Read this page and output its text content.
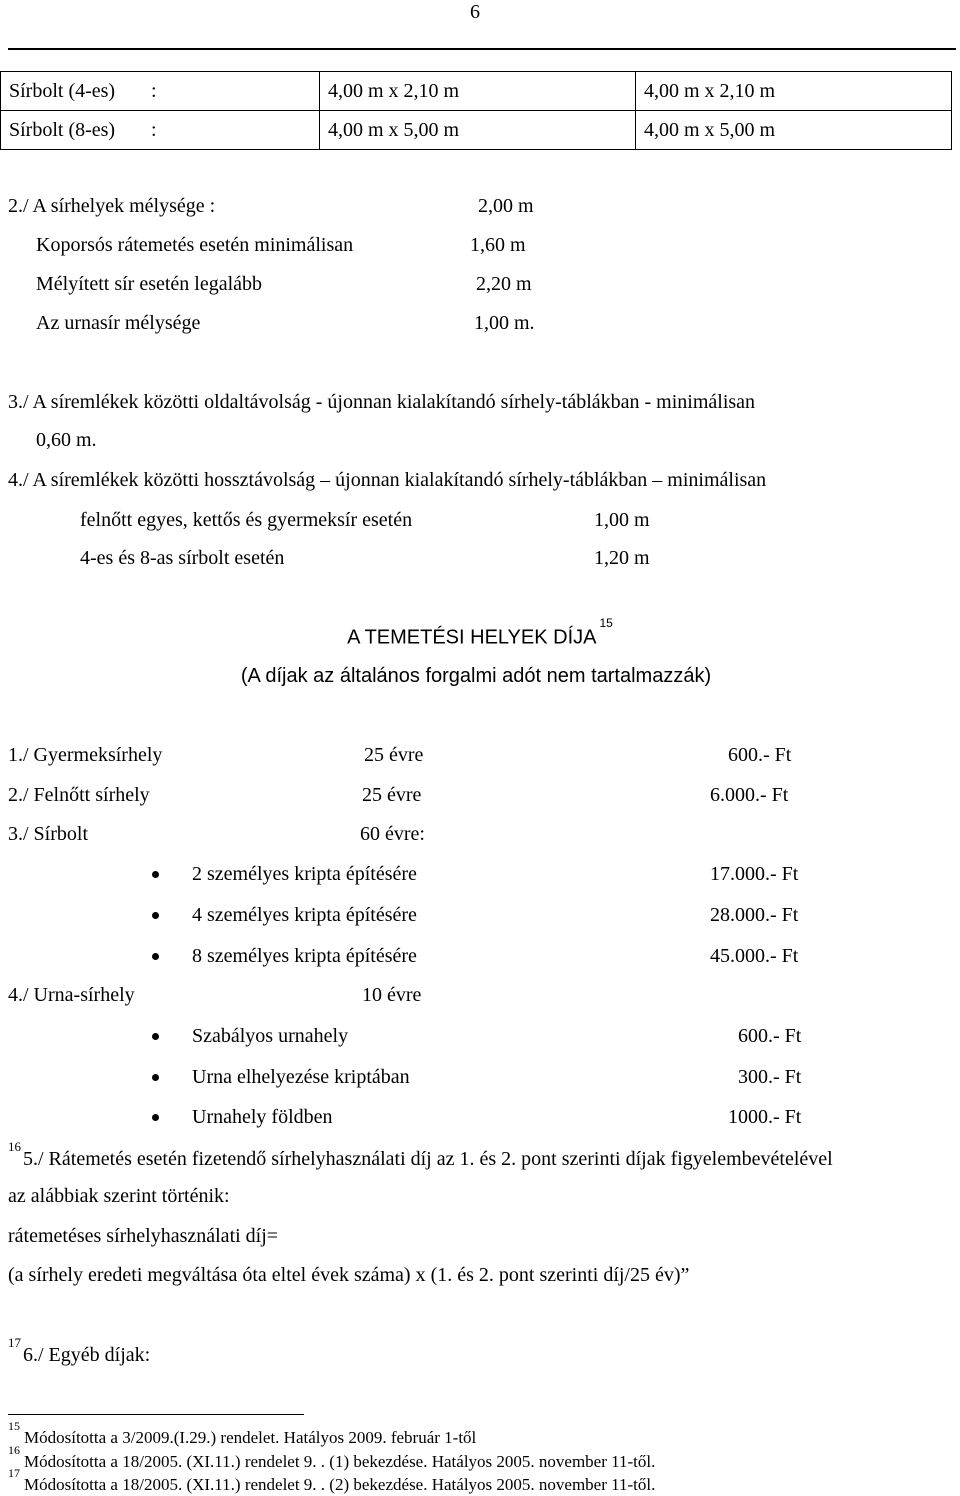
6
Sírbolt (4-es) :	4,00 m x 2,10 m	4,00 m x 2,10 m
Sírbolt (8-es) :	4,00 m x 5,00 m	4,00 m x 5,00 m
2./ A sírhelyek mélysége :	2,00 m
Koporsós rátemetés esetén minimálisan	1,60 m
Mélyített sír esetén legalább	2,20 m
Az urnasír mélysége	1,00 m.
3./ A síremlékek közötti oldaltávolság - újonnan kialakítandó sírhely-táblákban - minimálisan
0,60 m.
4./ A síremlékek közötti hossztávolság – újonnan kialakítandó sírhely-táblákban – minimálisan
felnőtt egyes, kettős és gyermeksír esetén	1,00 m
4-es és 8-as sírbolt esetén	1,20 m
A TEMETÉSI HELYEK DÍJA$^{15}$
(A díjak az általános forgalmi adót nem tartalmazzák)
1./ Gyermeksírhely	25 évre	600.- Ft
2./ Felnőtt sírhely	25 évre	6.000.- Ft
3./ Sírbolt	60 évre:
2 személyes kripta építésére	17.000.- Ft
4 személyes kripta építésére	28.000.- Ft
8 személyes kripta építésére	45.000.- Ft
4./ Urna-sírhely	10 évre
Szabályos urnahely	600.- Ft
Urna elhelyezése kriptában	300.- Ft
Urnahely földben	1000.- Ft
$^{16}$5./ Rátemetés esetén fizetendő sírhelyhasználati díj az 1. és 2. pont szerinti díjak figyelembevételével
az alábbiak szerint történik:
rátemetéses sírhelyhasználati díj=
(a sírhely eredeti megváltása óta eltel évek száma) x (1. és 2. pont szerinti díj/25 év)”
$^{17}$6./ Egyéb díjak:
$^{15}$Módosította a 3/2009.(I.29.) rendelet. Hatályos 2009. február 1-től
$^{16}$Módosította a 18/2005. (XI.11.) rendelet 9. . (1) bekezdése. Hatályos 2005. november 11-től.
$^{17}$Módosította a 18/2005. (XI.11.) rendelet 9. . (2) bekezdése. Hatályos 2005. november 11-től.
